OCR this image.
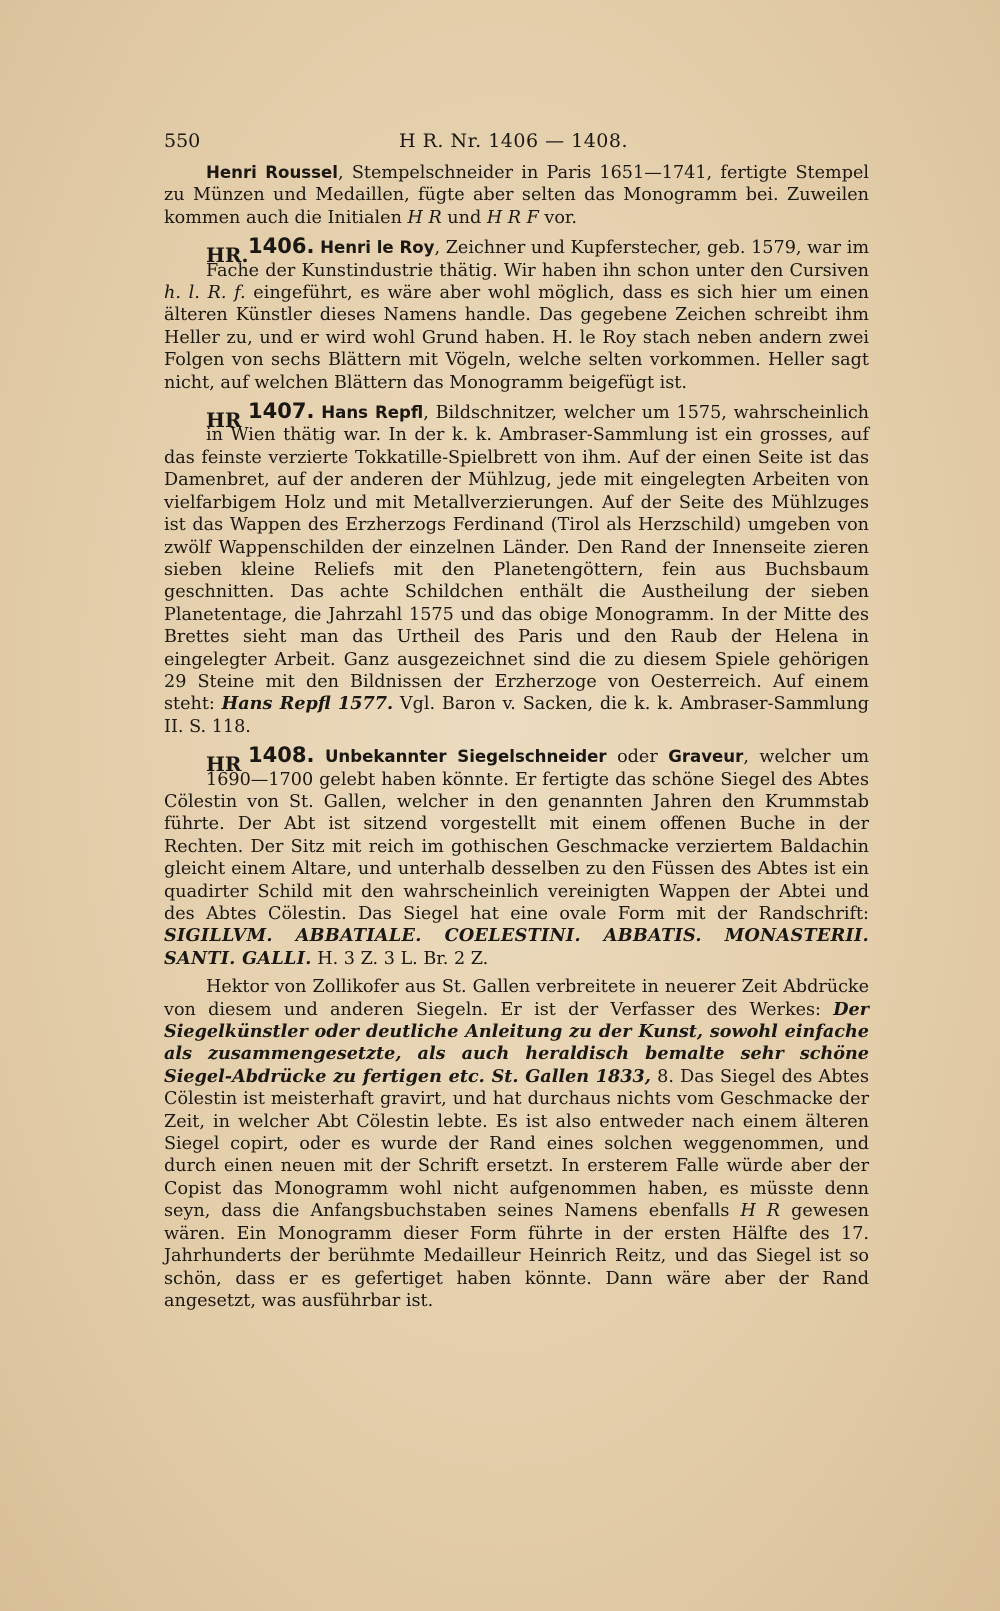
550	H R. Nr. 1406 — 1408.

Henri Roussel, Stempelschneider in Paris 1651—1741, fertigte Stempel zu Münzen und Medaillen, fügte aber selten das Monogramm bei. Zuweilen kommen auch die Initialen H R und H R F vor.

HR. 1406. Henri le Roy, Zeichner und Kupferstecher, geb. 1579, war im Fache der Kunstindustrie thätig. Wir haben ihn schon unter den Cursiven h. l. R. f. eingeführt, es wäre aber wohl möglich, dass es sich hier um einen älteren Künstler dieses Namens handle. Das gegebene Zeichen schreibt ihm Heller zu, und er wird wohl Grund haben. H. le Roy stach neben andern zwei Folgen von sechs Blättern mit Vögeln, welche selten vorkommen. Heller sagt nicht, auf welchen Blättern das Monogramm beigefügt ist.

HR 1407. Hans Repfl, Bildschnitzer, welcher um 1575, wahrscheinlich in Wien thätig war. In der k. k. Ambraser-Sammlung ist ein grosses, auf das feinste verzierte Tokkatille-Spielbrett von ihm. Auf der einen Seite ist das Damenbret, auf der anderen der Mühlzug, jede mit eingelegten Arbeiten von vielfarbigem Holz und mit Metallverzierungen. Auf der Seite des Mühlzuges ist das Wappen des Erzherzogs Ferdinand (Tirol als Herzschild) umgeben von zwölf Wappenschilden der einzelnen Länder. Den Rand der Innenseite zieren sieben kleine Reliefs mit den Planetengöttern, fein aus Buchsbaum geschnitten. Das achte Schildchen enthält die Austheilung der sieben Planetentage, die Jahrzahl 1575 und das obige Monogramm. In der Mitte des Brettes sieht man das Urtheil des Paris und den Raub der Helena in eingelegter Arbeit. Ganz ausgezeichnet sind die zu diesem Spiele gehörigen 29 Steine mit den Bildnissen der Erzherzoge von Oesterreich. Auf einem steht: Hans Repfl 1577. Vgl. Baron v. Sacken, die k. k. Ambraser-Sammlung II. S. 118.

HR 1408. Unbekannter Siegelschneider oder Graveur, welcher um 1690—1700 gelebt haben könnte. Er fertigte das schöne Siegel des Abtes Cölestin von St. Gallen, welcher in den genannten Jahren den Krummstab führte. Der Abt ist sitzend vorgestellt mit einem offenen Buche in der Rechten. Der Sitz mit reich im gothischen Geschmacke verziertem Baldachin gleicht einem Altare, und unterhalb desselben zu den Füssen des Abtes ist ein quadirter Schild mit den wahrscheinlich vereinigten Wappen der Abtei und des Abtes Cölestin. Das Siegel hat eine ovale Form mit der Randschrift: SIGILLVM. ABBATIALE. COELESTINI. ABBATIS. MONASTERII. SANTI. GALLI. H. 3 Z. 3 L. Br. 2 Z.

Hektor von Zollikofer aus St. Gallen verbreitete in neuerer Zeit Abdrücke von diesem und anderen Siegeln. Er ist der Verfasser des Werkes: Der Siegelkünstler oder deutliche Anleitung zu der Kunst, sowohl einfache als zusammengesetzte, als auch heraldisch bemalte sehr schöne Siegel-Abdrücke zu fertigen etc. St. Gallen 1833, 8. Das Siegel des Abtes Cölestin ist meisterhaft gravirt, und hat durchaus nichts vom Geschmacke der Zeit, in welcher Abt Cölestin lebte. Es ist also entweder nach einem älteren Siegel copirt, oder es wurde der Rand eines solchen weggenommen, und durch einen neuen mit der Schrift ersetzt. In ersterem Falle würde aber der Copist das Monogramm wohl nicht aufgenommen haben, es müsste denn seyn, dass die Anfangsbuchstaben seines Namens ebenfalls H R gewesen wären. Ein Monogramm dieser Form führte in der ersten Hälfte des 17. Jahrhunderts der berühmte Medailleur Heinrich Reitz, und das Siegel ist so schön, dass er es gefertiget haben könnte. Dann wäre aber der Rand angesetzt, was ausführbar ist.
